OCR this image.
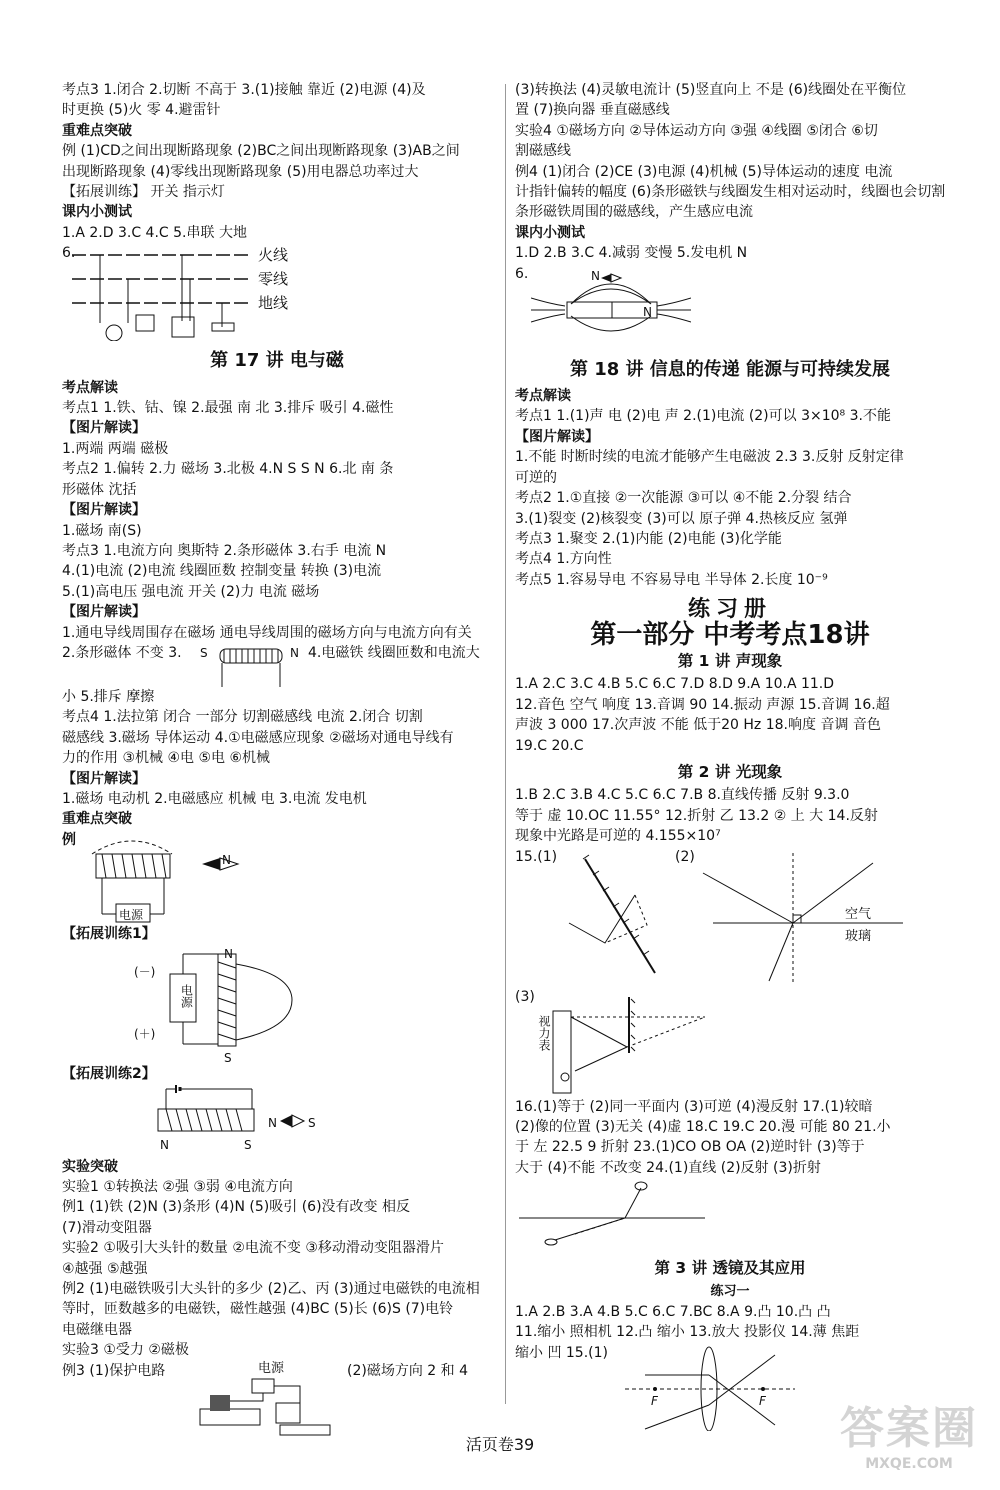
考点3 1.闭合 2.切断 不高于 3.(1)接触 靠近 (2)电源 (4)及
时更换 (5)火 零 4.避雷针
重难点突破
例 (1)CD之间出现断路现象 (2)BC之间出现断路现象 (3)AB之间
出现断路现象 (4)零线出现断路现象 (5)用电器总功率过大
【拓展训练】 开关 指示灯
课内小测试
1.A 2.D 3.C 4.C 5.串联 大地
6.	火线
零线
地线
第 17 讲 电与磁
考点解读
考点1 1.铁、钴、镍 2.最强 南 北 3.排斥 吸引 4.磁性
【图片解读】
1.两端 两端 磁极
考点2 1.偏转 2.力 磁场 3.北极 4.N S S N 6.北 南 条
形磁体 沈括
【图片解读】
1.磁场 南(S)
考点3 1.电流方向 奥斯特 2.条形磁体 3.右手 电流 N
4.(1)电流 (2)电流 线圈匝数 控制变量 转换 (3)电流
5.(1)高电压 强电流 开关 (2)力 电流 磁场
【图片解读】
1.通电导线周围存在磁场 通电导线周围的磁场方向与电流方向有关
2.条形磁体 不变 3. S	N 4.电磁铁 线圈匝数和电流大
小 5.排斥 摩擦
考点4 1.法拉第 闭合 一部分 切割磁感线 电流 2.闭合 切割
磁感线 3.磁场 导体运动 4.①电磁感应现象 ②磁场对通电导线有
力的作用 ③机械 ④电 ⑤电 ⑥机械
【图片解读】
1.磁场 电动机 2.电磁感应 机械 电 3.电流 发电机
重难点突破
例
电源
N
【拓展训练1】
电源
(－)
(＋)
N
S
【拓展训练2】
N	S
N	S
实验突破
实验1 ①转换法 ②强 ③弱 ④电流方向
例1 (1)铁 (2)N (3)条形 (4)N (5)吸引 (6)没有改变 相反
(7)滑动变阻器
实验2 ①吸引大头针的数量 ②电流不变 ③移动滑动变阻器滑片
④越强 ⑤越强
例2 (1)电磁铁吸引大头针的多少 (2)乙、丙 (3)通过电磁铁的电流相
等时，匝数越多的电磁铁，磁性越强 (4)BC (5)长 (6)S (7)电铃
电磁继电器
实验3 ①受力 ②磁极
例3 (1)保护电路	(2)磁场方向 2 和 4
电源
(3)转换法 (4)灵敏电流计 (5)竖直向上 不是 (6)线圈处在平衡位
置 (7)换向器 垂直磁感线
实验4 ①磁场方向 ②导体运动方向 ③强 ④线圈 ⑤闭合 ⑥切
割磁感线
例4 (1)闭合 (2)CE (3)电源 (4)机械 (5)导体运动的速度 电流
计指针偏转的幅度 (6)条形磁铁与线圈发生相对运动时，线圈也会切割
条形磁铁周围的磁感线，产生感应电流
课内小测试
1.D 2.B 3.C 4.减弱 变慢 5.发电机 N
6.	N
N
第 18 讲 信息的传递 能源与可持续发展
考点解读
考点1 1.(1)声 电 (2)电 声 2.(1)电流 (2)可以 3×10⁸ 3.不能
【图片解读】
1.不能 时断时续的电流才能够产生电磁波 2.3 3.反射 反射定律
可逆的
考点2 1.①直接 ②一次能源 ③可以 ④不能 2.分裂 结合
3.(1)裂变 (2)核裂变 (3)可以 原子弹 4.热核反应 氢弹
考点3 1.聚变 2.(1)内能 (2)电能 (3)化学能
考点4 1.方向性
考点5 1.容易导电 不容易导电 半导体 2.长度 10⁻⁹
练习册
第一部分 中考考点18讲
第 1 讲 声现象
1.A 2.C 3.C 4.B 5.C 6.C 7.D 8.D 9.A 10.A 11.D
12.音色 空气 响度 13.音调 90 14.振动 声源 15.音调 16.超
声波 3 000 17.次声波 不能 低于20 Hz 18.响度 音调 音色
19.C 20.C
第 2 讲 光现象
1.B 2.C 3.B 4.C 5.C 6.C 7.B 8.直线传播 反射 9.3.0
等于 虚 10.OC 11.55° 12.折射 乙 13.2 ② 上 大 14.反射
现象中光路是可逆的 4.155×10⁷
15.(1)	(2)
空气
玻璃
(3)
视力表
16.(1)等于 (2)同一平面内 (3)可逆 (4)漫反射 17.(1)较暗
(2)像的位置 (3)无关 (4)虚 18.C 19.C 20.漫 可能 80 21.小
于 左 22.5 9 折射 23.(1)CO OB OA (2)逆时针 (3)等于
大于 (4)不能 不改变 24.(1)直线 (2)反射 (3)折射
第 3 讲 透镜及其应用
练习一
1.A 2.B 3.A 4.B 5.C 6.C 7.BC 8.A 9.凸 10.凸 凸
11.缩小 照相机 12.凸 缩小 13.放大 投影仪 14.薄 焦距
缩小 凹 15.(1)
F	F
活页卷39	答案圈
MXQE.COM
